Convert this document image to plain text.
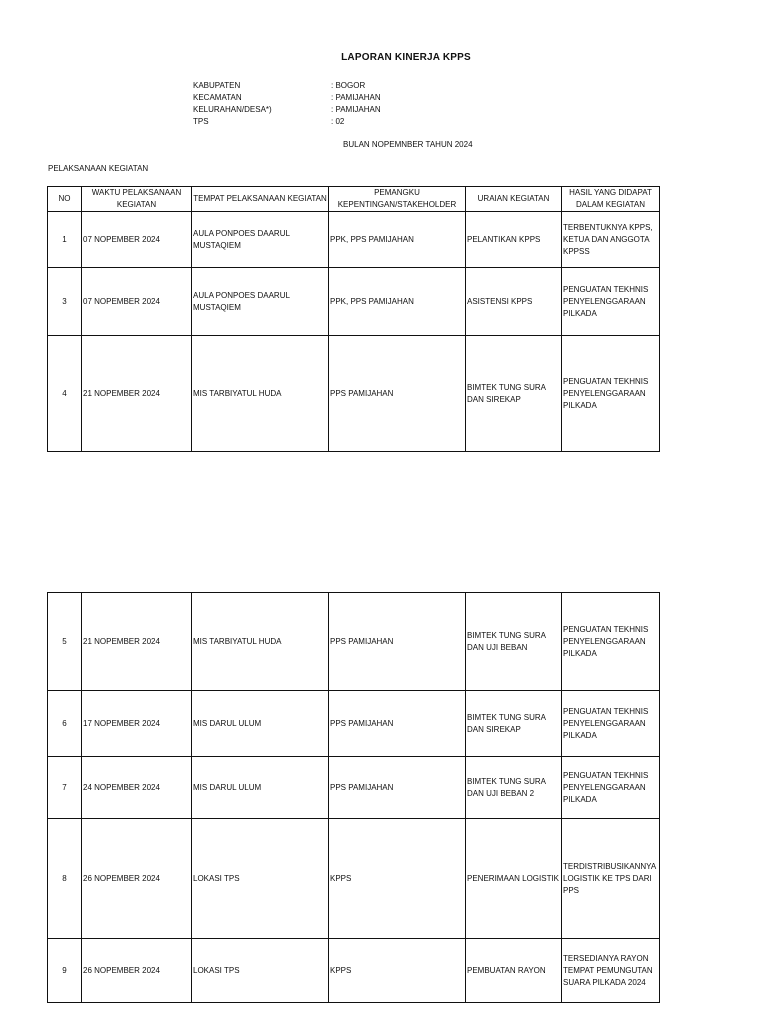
LAPORAN KINERJA KPPS
KABUPATEN	: BOGOR
KECAMATAN	: PAMIJAHAN
KELURAHAN/DESA*)	: PAMIJAHAN
TPS	: 02
BULAN NOPEMNBER TAHUN 2024
PELAKSANAAN KEGIATAN
NO	WAKTU PELAKSANAAN KEGIATAN	TEMPAT PELAKSANAAN KEGIATAN	PEMANGKU KEPENTINGAN/STAKEHOLDER	URAIAN KEGIATAN	HASIL YANG DIDAPAT DALAM KEGIATAN
1	07 NOPEMBER 2024	AULA PONPOES DAARUL MUSTAQIEM	PPK, PPS PAMIJAHAN	PELANTIKAN KPPS	TERBENTUKNYA KPPS, KETUA DAN ANGGOTA KPPSS
3	07 NOPEMBER 2024	AULA PONPOES DAARUL MUSTAQIEM	PPK, PPS PAMIJAHAN	ASISTENSI KPPS	PENGUATAN TEKHNIS PENYELENGGARAAN PILKADA
4	21 NOPEMBER 2024	MIS TARBIYATUL HUDA	PPS PAMIJAHAN	BIMTEK TUNG SURA DAN SIREKAP	PENGUATAN TEKHNIS PENYELENGGARAAN PILKADA
5	21 NOPEMBER 2024	MIS TARBIYATUL HUDA	PPS PAMIJAHAN	BIMTEK TUNG SURA DAN UJI BEBAN	PENGUATAN TEKHNIS PENYELENGGARAAN PILKADA
6	17 NOPEMBER 2024	MIS DARUL ULUM	PPS PAMIJAHAN	BIMTEK TUNG SURA DAN SIREKAP	PENGUATAN TEKHNIS PENYELENGGARAAN PILKADA
7	24 NOPEMBER 2024	MIS DARUL ULUM	PPS PAMIJAHAN	BIMTEK TUNG SURA DAN UJI BEBAN 2	PENGUATAN TEKHNIS PENYELENGGARAAN PILKADA
8	26 NOPEMBER 2024	LOKASI TPS	KPPS	PENERIMAAN LOGISTIK	TERDISTRIBUSIKANNYA LOGISTIK KE TPS DARI PPS
9	26 NOPEMBER 2024	LOKASI TPS	KPPS	PEMBUATAN RAYON	TERSEDIANYA RAYON TEMPAT PEMUNGUTAN SUARA PILKADA 2024
